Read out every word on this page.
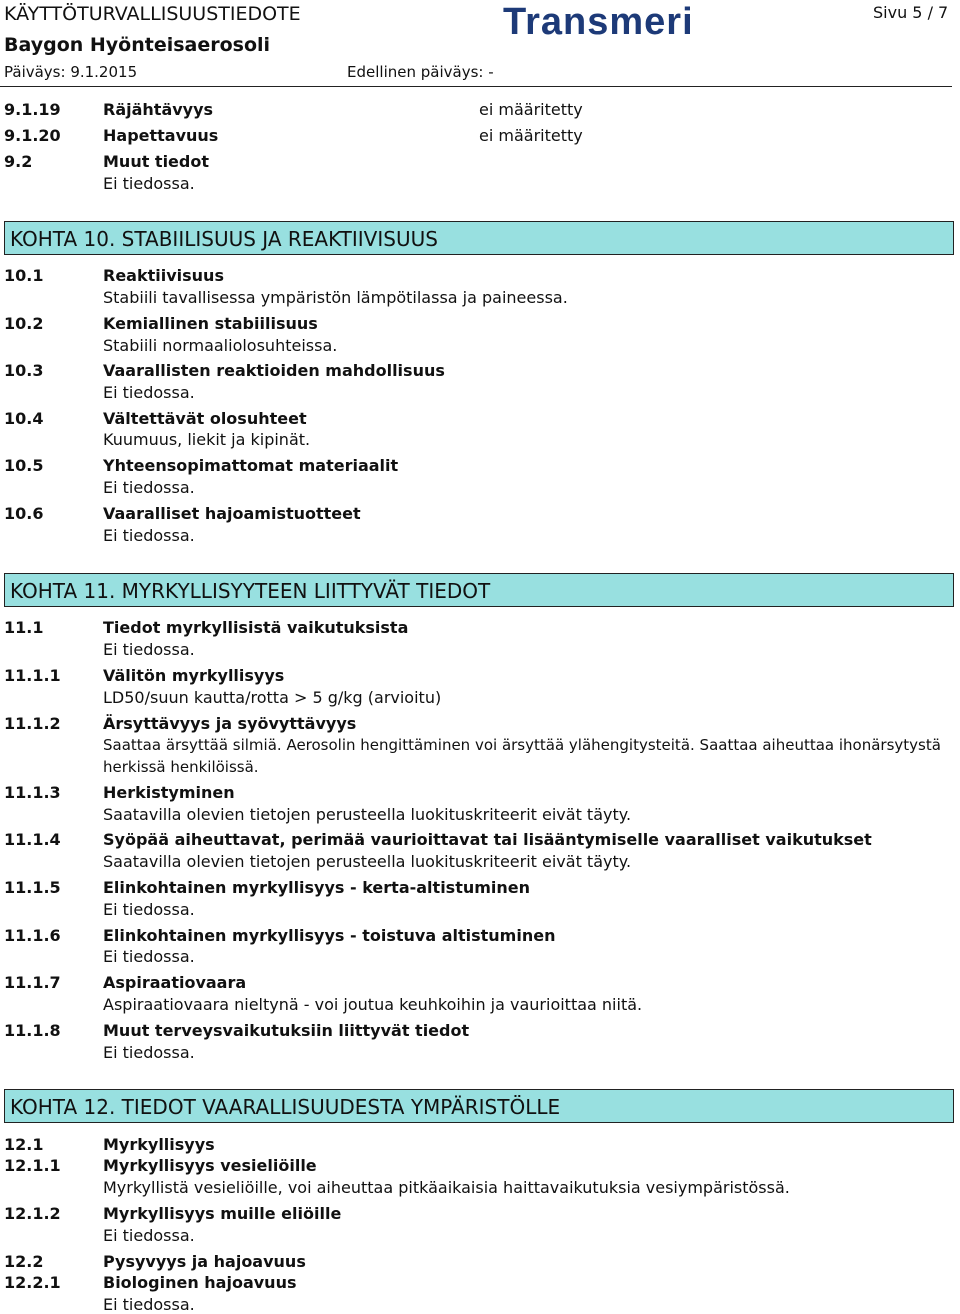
KÄYTTÖTURVALLISUUSTIEDOTE
Baygon Hyönteisaerosoli
Päiväys: 9.1.2015	Edellinen päiväys: -
Sivu 5 / 7
Transmeri
9.1.19	Räjähtävyys	ei määritetty
9.1.20	Hapettavuus	ei määritetty
9.2	Muut tiedot
Ei tiedossa.
KOHTA 10. STABIILISUUS JA REAKTIIVISUUS
10.1	Reaktiivisuus
Stabiili tavallisessa ympäristön lämpötilassa ja paineessa.
10.2	Kemiallinen stabiilisuus
Stabiili normaaliolosuhteissa.
10.3	Vaarallisten reaktioiden mahdollisuus
Ei tiedossa.
10.4	Vältettävät olosuhteet
Kuumuus, liekit ja kipinät.
10.5	Yhteensopimattomat materiaalit
Ei tiedossa.
10.6	Vaaralliset hajoamistuotteet
Ei tiedossa.
KOHTA 11. MYRKYLLISYYTEEN LIITTYVÄT TIEDOT
11.1	Tiedot myrkyllisistä vaikutuksista
Ei tiedossa.
11.1.1	Välitön myrkyllisyys
LD50/suun kautta/rotta > 5 g/kg (arvioitu)
11.1.2	Ärsyttävyys ja syövyttävyys
Saattaa ärsyttää silmiä. Aerosolin hengittäminen voi ärsyttää ylähengitysteitä. Saattaa aiheuttaa ihonärsytystä herkissä henkilöissä.
11.1.3	Herkistyminen
Saatavilla olevien tietojen perusteella luokituskriteerit eivät täyty.
11.1.4	Syöpää aiheuttavat, perimää vaurioittavat tai lisääntymiselle vaaralliset vaikutukset
Saatavilla olevien tietojen perusteella luokituskriteerit eivät täyty.
11.1.5	Elinkohtainen myrkyllisyys - kerta-altistuminen
Ei tiedossa.
11.1.6	Elinkohtainen myrkyllisyys - toistuva altistuminen
Ei tiedossa.
11.1.7	Aspiraatiovaara
Aspiraatiovaara nieltynä - voi joutua keuhkoihin ja vaurioittaa niitä.
11.1.8	Muut terveysvaikutuksiin liittyvät tiedot
Ei tiedossa.
KOHTA 12. TIEDOT VAARALLISUUDESTA YMPÄRISTÖLLE
12.1	Myrkyllisyys
12.1.1	Myrkyllisyys vesieliöille
Myrkyllistä vesieliöille, voi aiheuttaa pitkäaikaisia haittavaikutuksia vesiympäristössä.
12.1.2	Myrkyllisyys muille eliöille
Ei tiedossa.
12.2	Pysyvyys ja hajoavuus
12.2.1	Biologinen hajoavuus
Ei tiedossa.
